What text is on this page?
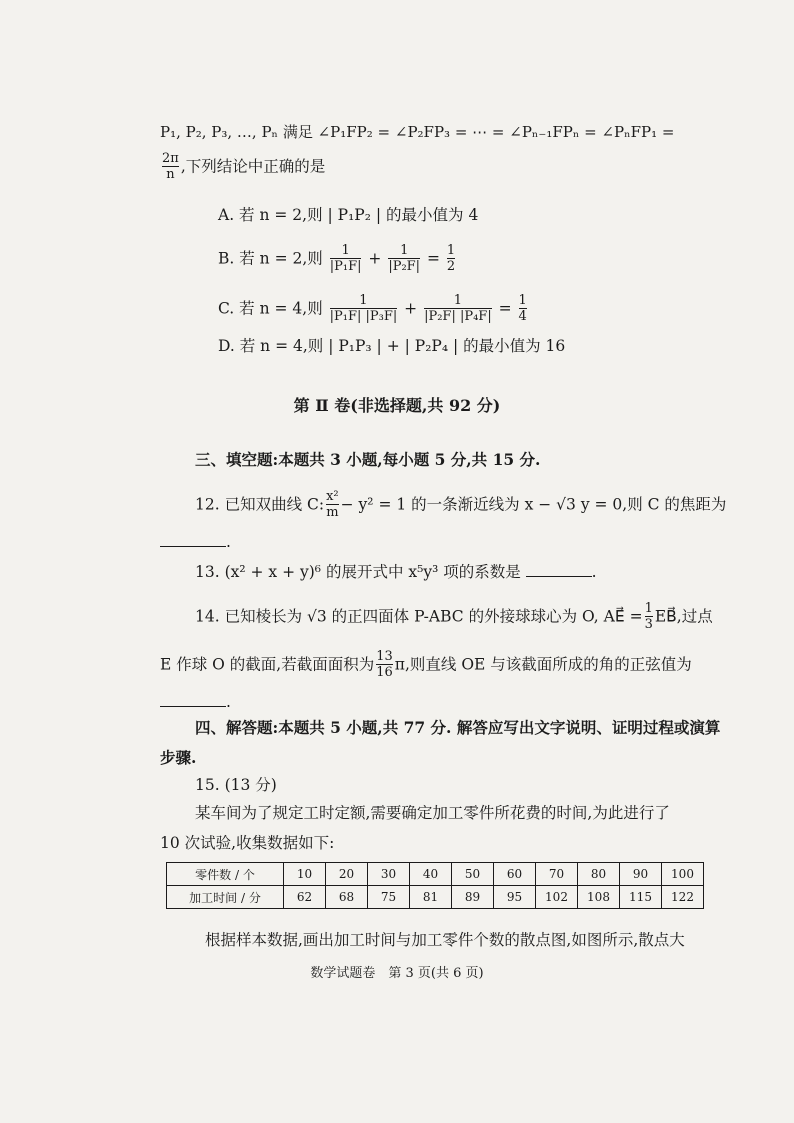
P₁, P₂, P₃, …, Pₙ 满足 ∠P₁FP₂ = ∠P₂FP₃ = ⋯ = ∠Pₙ₋₁FPₙ = ∠PₙFP₁ =
$\frac{2\pi}{n}$ ,下列结论中正确的是
A. 若 n = 2,则 | P₁P₂ | 的最小值为 4
B. 若 n = 2,则 $\frac{1}{\text{|P₁F|}} + \frac{1}{\text{|P₂F|}} = \frac{1}{2}$
C. 若 n = 4,则 $\frac{1}{\text{|P₁F| |P₃F|}} + \frac{1}{\text{|P₂F| |P₄F|}} = \frac{1}{4}$
D. 若 n = 4,则 | P₁P₃ | + | P₂P₄ | 的最小值为 16
第 Ⅱ 卷(非选择题,共 92 分)
三、填空题:本题共 3 小题,每小题 5 分,共 15 分.
12. 已知双曲线 C: $\frac{\text{x²}}{m} - y^2 = 1$ 的一条渐近线为 x − √3 y = 0,则 C 的焦距为
.
13. (x² + x + y)⁶ 的展开式中 x⁵y³ 项的系数是	.
14. 已知棱长为 √3 的正四面体 P-ABC 的外接球球心为 O, AE⃗ = $\frac{1}{3}$ EB⃗,过点
E 作球 O 的截面,若截面面积为 $\frac{13}{16} \pi$,则直线 OE 与该截面所成的角的正弦值为
.
四、解答题:本题共 5 小题,共 77 分. 解答应写出文字说明、证明过程或演算
步骤.
15. (13 分)
某车间为了规定工时定额,需要确定加工零件所花费的时间,为此进行了
10 次试验,收集数据如下:
零件数 / 个	10	20	30	40	50	60	70	80	90	100
加工时间 / 分	62	68	75	81	89	95	102	108	115	122
根据样本数据,画出加工时间与加工零件个数的散点图,如图所示,散点大
数学试题卷　第 3 页(共 6 页)
